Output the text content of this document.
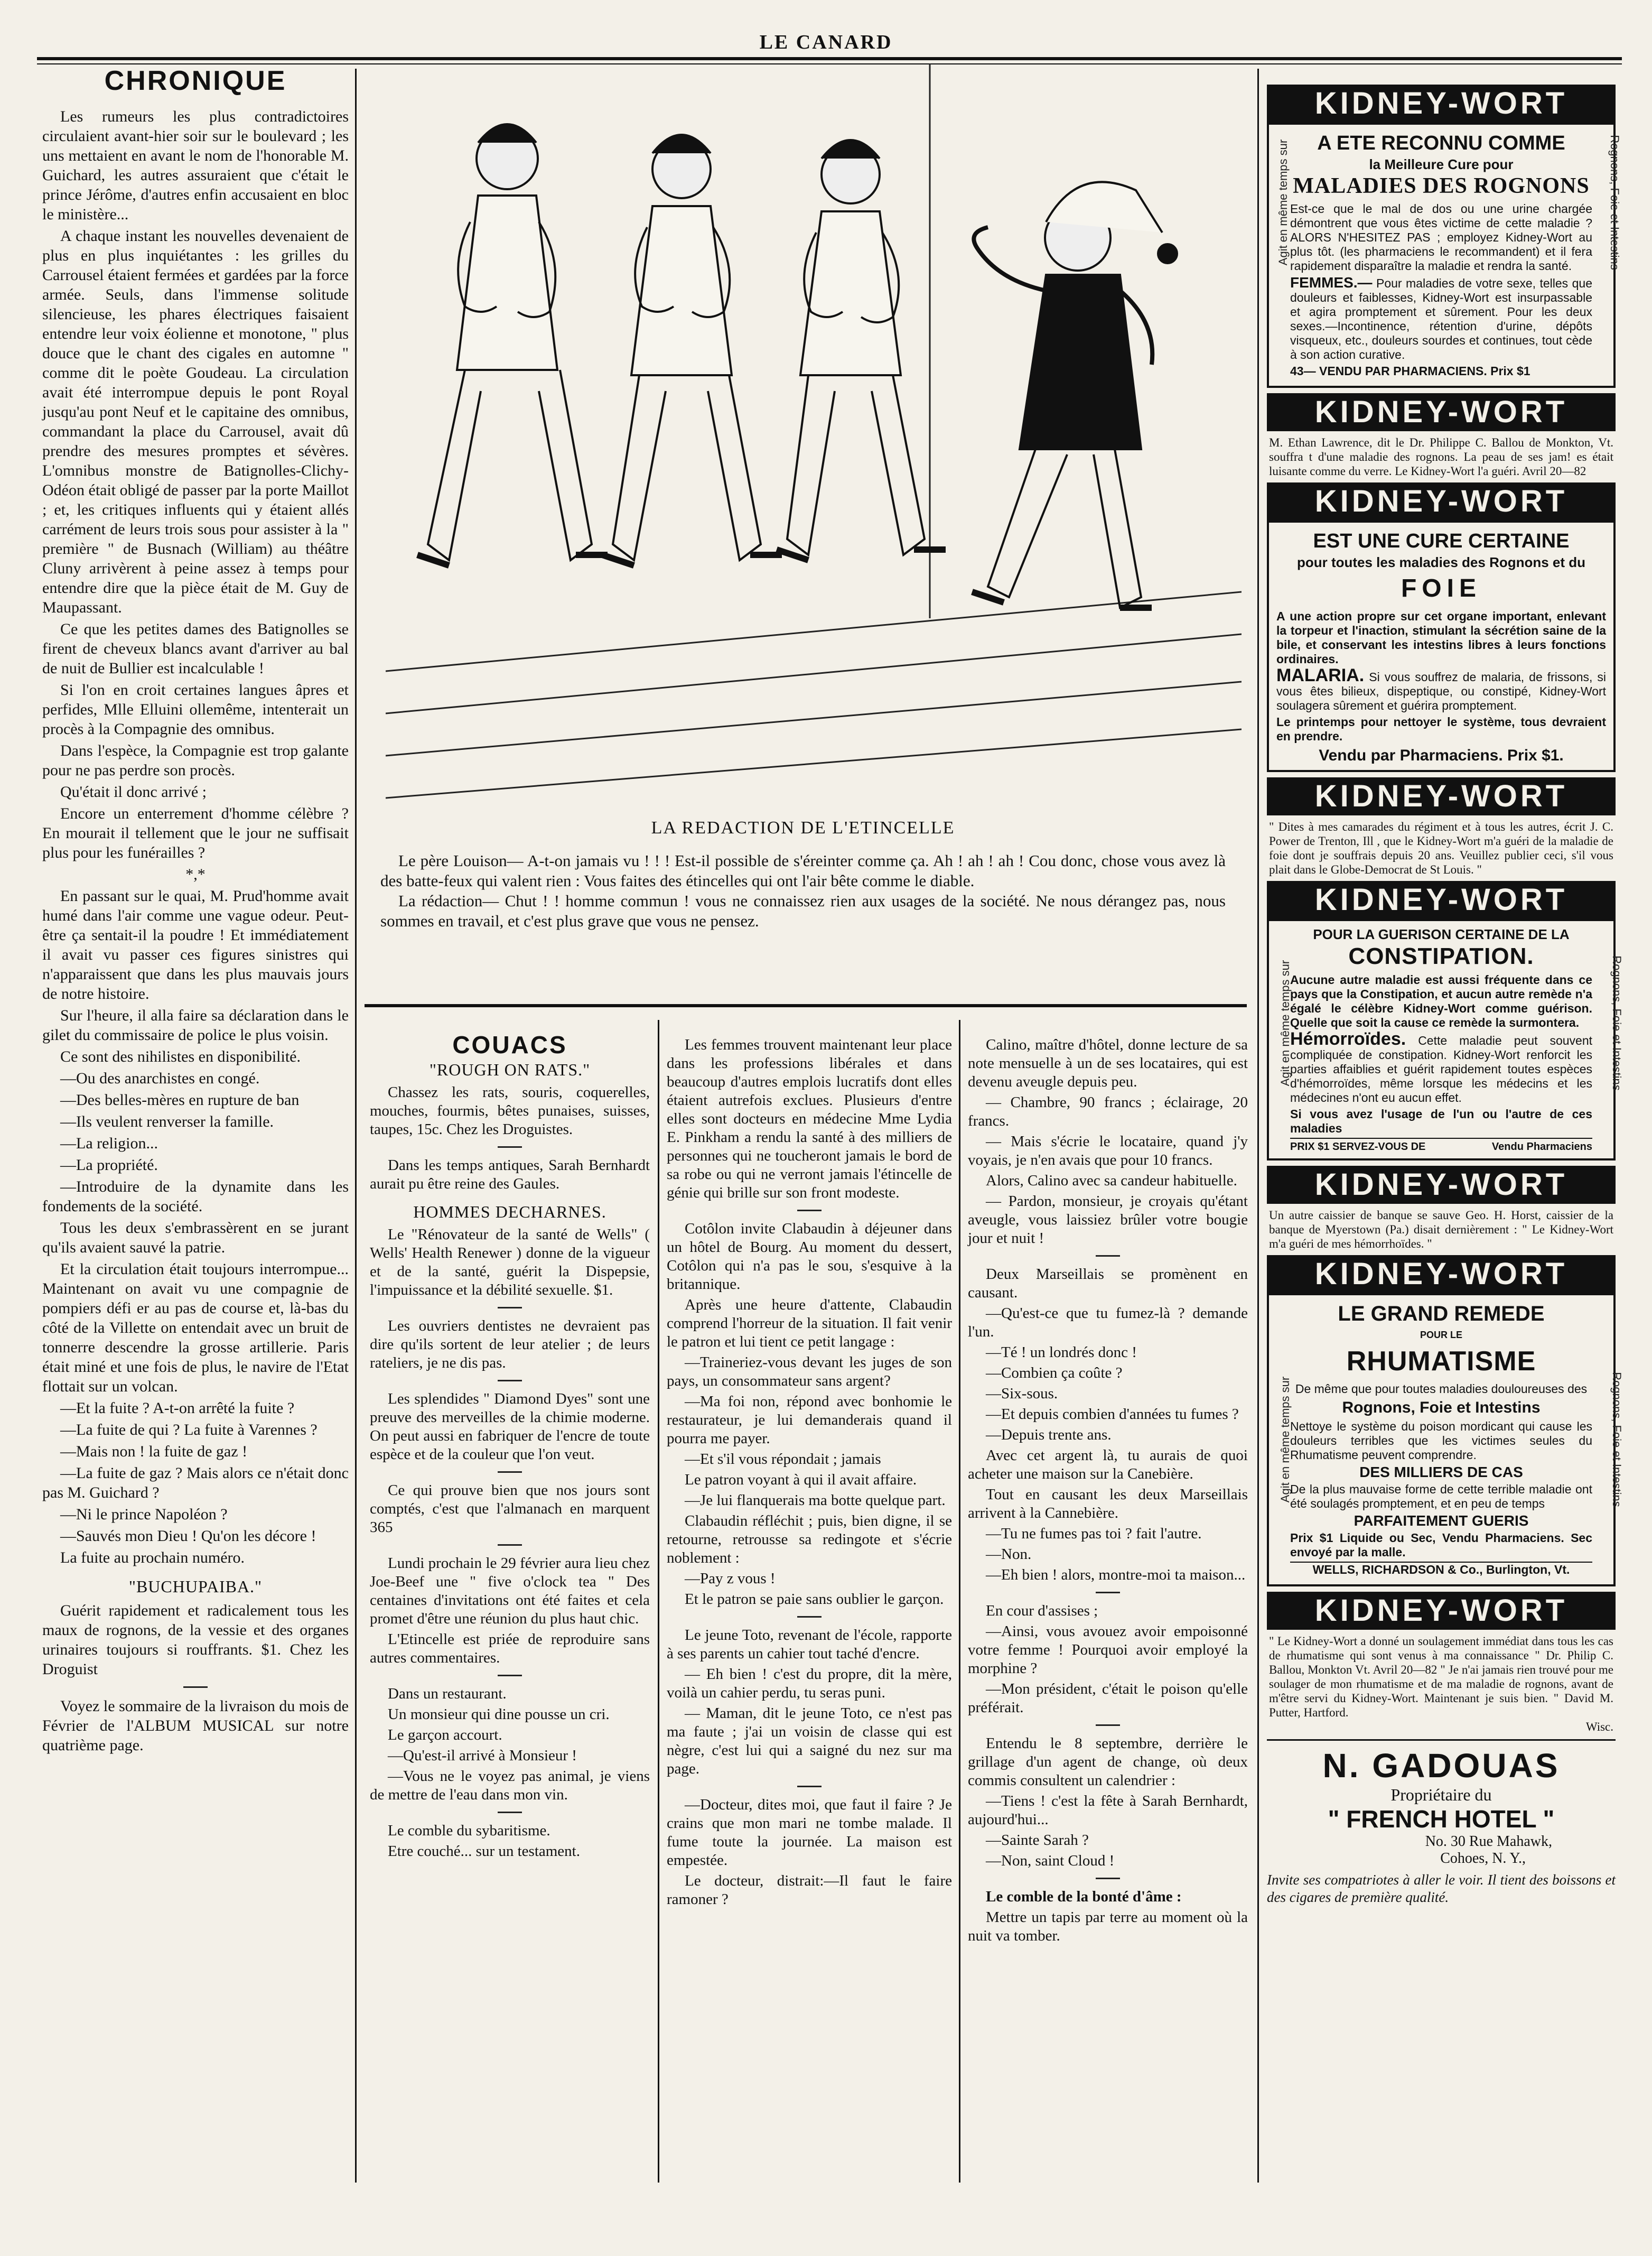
LE CANARD
CHRONIQUE

Les rumeurs les plus contradictoires circulaient avant-hier soir sur le boulevard ; les uns mettaient en avant le nom de l'honorable M. Guichard, les autres assuraient que c'était le prince Jérôme, d'autres enfin accusaient en bloc le ministère...

A chaque instant les nouvelles devenaient de plus en plus inquiétantes : les grilles du Carrousel étaient fermées et gardées par la force armée. Seuls, dans l'immense solitude silencieuse, les phares électriques faisaient entendre leur voix éolienne et monotone, " plus douce que le chant des cigales en automne " comme dit le poète Goudeau. La circulation avait été interrompue depuis le pont Royal jusqu'au pont Neuf et le capitaine des omnibus, commandant la place du Carrousel, avait dû prendre des mesures promptes et sévères. L'omnibus monstre de Batignolles-Clichy-Odéon était obligé de passer par la porte Maillot ; et, les critiques influents qui y étaient allés carrément de leurs trois sous pour assister à la " première " de Busnach (William) au théâtre Cluny arrivèrent à peine assez à temps pour entendre dire que la pièce était de M. Guy de Maupassant.

Ce que les petites dames des Batignolles se firent de cheveux blancs avant d'arriver au bal de nuit de Bullier est incalculable !

Si l'on en croit certaines langues âpres et perfides, Mlle Elluini ollemême, intenterait un procès à la Compagnie des omnibus.

Dans l'espèce, la Compagnie est trop galante pour ne pas perdre son procès.

Qu'était il donc arrivé ;

Encore un enterrement d'homme célèbre ? En mourait il tellement que le jour ne suffisait plus pour les funérailles ?

*,*

En passant sur le quai, M. Prud'homme avait humé dans l'air comme une vague odeur. Peut-être ça sentait-il la poudre ! Et immédiatement il avait vu passer ces figures sinistres qui n'apparaissent que dans les plus mauvais jours de notre histoire.

Sur l'heure, il alla faire sa déclaration dans le gilet du commissaire de police le plus voisin.

Ce sont des nihilistes en disponibilité.

—Ou des anarchistes en congé.

—Des belles-mères en rupture de ban

—Ils veulent renverser la famille.

—La religion...

—La propriété.

—Introduire de la dynamite dans les fondements de la société.

Tous les deux s'embrassèrent en se jurant qu'ils avaient sauvé la patrie.

Et la circulation était toujours interrompue... Maintenant on avait vu une compagnie de pompiers défi er au pas de course et, là-bas du côté de la Villette on entendait avec un bruit de tonnerre descendre la grosse artillerie. Paris était miné et une fois de plus, le navire de l'Etat flottait sur un volcan.

—Et la fuite ? A-t-on arrêté la fuite ?

—La fuite de qui ? La fuite à Varennes ?

—Mais non ! la fuite de gaz !

—La fuite de gaz ? Mais alors ce n'était donc pas M. Guichard ?

—Ni le prince Napoléon ?

—Sauvés mon Dieu ! Qu'on les décore !

La fuite au prochain numéro.

"BUCHUPAIBA."

Guérit rapidement et radicalement tous les maux de rognons, de la vessie et des organes urinaires toujours si rouffrants. $1. Chez les Droguist

Voyez le sommaire de la livraison du mois de Février de l'ALBUM MUSICAL sur notre quatrième page.

LA REDACTION DE L'ETINCELLE

Le père Louison— A-t-on jamais vu ! ! ! Est-il possible de s'éreinter comme ça. Ah ! ah ! ah ! Cou donc, chose vous avez là des batte-feux qui valent rien : Vous faites des étincelles qui ont l'air bête comme le diable.

La rédaction— Chut ! ! homme commun ! vous ne connaissez rien aux usages de la société. Ne nous dérangez pas, nous sommes en travail, et c'est plus grave que vous ne pensez.

COUACS
"ROUGH ON RATS."

Chassez les rats, souris, coquerelles, mouches, fourmis, bêtes punaises, suisses, taupes, 15c. Chez les Droguistes.

Dans les temps antiques, Sarah Bernhardt aurait pu être reine des Gaules.

HOMMES DECHARNES.

Le "Rénovateur de la santé de Wells" ( Wells' Health Renewer ) donne de la vigueur et de la santé, guérit la Dispepsie, l'impuissance et la débilité sexuelle. $1.

Les ouvriers dentistes ne devraient pas dire qu'ils sortent de leur atelier ; de leurs rateliers, je ne dis pas.

Les splendides " Diamond Dyes" sont une preuve des merveilles de la chimie moderne. On peut aussi en fabriquer de l'encre de toute espèce et de la couleur que l'on veut.

Ce qui prouve bien que nos jours sont comptés, c'est que l'almanach en marquent 365

Lundi prochain le 29 février aura lieu chez Joe-Beef une " five o'clock tea " Des centaines d'invitations ont été faites et cela promet d'être une réunion du plus haut chic.

L'Etincelle est priée de reproduire sans autres commentaires.

Dans un restaurant.

Un monsieur qui dine pousse un cri.

Le garçon accourt.

—Qu'est-il arrivé à Monsieur !

—Vous ne le voyez pas animal, je viens de mettre de l'eau dans mon vin.

Le comble du sybaritisme.

Etre couché... sur un testament.

Les femmes trouvent maintenant leur place dans les professions libérales et dans beaucoup d'autres emplois lucratifs dont elles étaient autrefois exclues. Plusieurs d'entre elles sont docteurs en médecine Mme Lydia E. Pinkham a rendu la santé à des milliers de personnes qui ne toucheront jamais le bord de sa robe ou qui ne verront jamais l'étincelle de génie qui brille sur son front modeste.

Cotôlon invite Clabaudin à déjeuner dans un hôtel de Bourg. Au moment du dessert, Cotôlon qui n'a pas le sou, s'esquive à la britannique.

Après une heure d'attente, Clabaudin comprend l'horreur de la situation. Il fait venir le patron et lui tient ce petit langage :

—Traineriez-vous devant les juges de son pays, un consommateur sans argent?

—Ma foi non, répond avec bonhomie le restaurateur, je lui demanderais quand il pourra me payer.

—Et s'il vous répondait ; jamais

Le patron voyant à qui il avait affaire.

—Je lui flanquerais ma botte quelque part.

Clabaudin réfléchit ; puis, bien digne, il se retourne, retrousse sa redingote et s'écrie noblement :

—Pay z vous !

Et le patron se paie sans oublier le garçon.

Le jeune Toto, revenant de l'école, rapporte à ses parents un cahier tout taché d'encre.

— Eh bien ! c'est du propre, dit la mère, voilà un cahier perdu, tu seras puni.

— Maman, dit le jeune Toto, ce n'est pas ma faute ; j'ai un voisin de classe qui est nègre, c'est lui qui a saigné du nez sur ma page.

—Docteur, dites moi, que faut il faire ? Je crains que mon mari ne tombe malade. Il fume toute la journée. La maison est empestée.

Le docteur, distrait:—Il faut le faire ramoner ?

Calino, maître d'hôtel, donne lecture de sa note mensuelle à un de ses locataires, qui est devenu aveugle depuis peu.

— Chambre, 90 francs ; éclairage, 20 francs.

— Mais s'écrie le locataire, quand j'y voyais, je n'en avais que pour 10 francs.

Alors, Calino avec sa candeur habituelle.

— Pardon, monsieur, je croyais qu'étant aveugle, vous laissiez brûler votre bougie jour et nuit !

Deux Marseillais se promènent en causant.

—Qu'est-ce que tu fumez-là ? demande l'un.

—Té ! un londrés donc !

—Combien ça coûte ?

—Six-sous.

—Et depuis combien d'années tu fumes ?

—Depuis trente ans.

Avec cet argent là, tu aurais de quoi acheter une maison sur la Canebière.

Tout en causant les deux Marseillais arrivent à la Cannebière.

—Tu ne fumes pas toi ? fait l'autre.

—Non.

—Eh bien ! alors, montre-moi ta maison...

En cour d'assises ;

—Ainsi, vous avouez avoir empoisonné votre femme ! Pourquoi avoir employé la morphine ?

—Mon président, c'était le poison qu'elle préférait.

Entendu le 8 septembre, derrière le grillage d'un agent de change, où deux commis consultent un calendrier :

—Tiens ! c'est la fête à Sarah Bernhardt, aujourd'hui...

—Sainte Sarah ?

—Non, saint Cloud !

Le comble de la bonté d'âme :

Mettre un tapis par terre au moment où la nuit va tomber.

KIDNEY-WORT
A ETE RECONNU COMME
la Meilleure Cure pour
MALADIES DES ROGNONS
Est-ce que le mal de dos ou une urine chargée démontrent que vous êtes victime de cette maladie ? ALORS N'HESITEZ PAS ; employez Kidney-Wort au plus tôt. (les pharmaciens le recommandent) et il fera rapidement disparaître la maladie et rendra la santé.
FEMMES.— Pour maladies de votre sexe, telles que douleurs et faiblesses, Kidney-Wort est insurpassable et agira promptement et sûrement. Pour les deux sexes.—Incontinence, rétention d'urine, dépôts visqueux, etc., douleurs sourdes et continues, tout cède à son action curative.
43— VENDU PAR PHARMACIENS. Prix $1
Agit en même temps sur	Rognons, Foie et Intestins
KIDNEY-WORT
M. Ethan Lawrence, dit le Dr. Philippe C. Ballou de Monkton, Vt. souffra t d'une maladie des rognons. La peau de ses jam! es était luisante comme du verre. Le Kidney-Wort l'a guéri. Avril 20—82
KIDNEY-WORT
EST UNE CURE CERTAINE
pour toutes les maladies des Rognons et du
FOIE
A une action propre sur cet organe important, enlevant la torpeur et l'inaction, stimulant la sécrétion saine de la bile, et conservant les intestins libres à leurs fonctions ordinaires.
MALARIA. Si vous souffrez de malaria, de frissons, si vous êtes bilieux, dispeptique, ou constipé, Kidney-Wort soulagera sûrement et guérira promptement.
Le printemps pour nettoyer le système, tous devraient en prendre.
Vendu par Pharmaciens. Prix $1.
KIDNEY-WORT
" Dites à mes camarades du régiment et à tous les autres, écrit J. C. Power de Trenton, Ill , que le Kidney-Wort m'a guéri de la maladie de foie dont je souffrais depuis 20 ans. Veuillez publier ceci, s'il vous plait dans le Globe-Democrat de St Louis. "
KIDNEY-WORT
POUR LA GUERISON CERTAINE DE LA
CONSTIPATION.
Aucune autre maladie est aussi fréquente dans ce pays que la Constipation, et aucun autre remède n'a égalé le célèbre Kidney-Wort comme guérison. Quelle que soit la cause ce remède la surmontera.
Hémorroïdes. Cette maladie peut souvent compliquée de constipation. Kidney-Wort renforcit les parties affaiblies et guérit rapidement toutes espèces d'hémorroïdes, même lorsque les médecins et les médecines n'ont eu aucun effet.
Si vous avez l'usage de l'un ou l'autre de ces maladies
PRIX $1 SERVEZ-VOUS DE	Vendu Pharmaciens
Agit en même temps sur	Rognons, Foie et Intestins
KIDNEY-WORT
Un autre caissier de banque se sauve Geo. H. Horst, caissier de la banque de Myerstown (Pa.) disait dernièrement : " Le Kidney-Wort m'a guéri de mes hémorrhoïdes. "
KIDNEY-WORT
LE GRAND REMEDE
POUR LE
RHUMATISME
De même que pour toutes maladies douloureuses des
Rognons, Foie et Intestins
Nettoye le système du poison mordicant qui cause les douleurs terribles que les victimes seules du Rhumatisme peuvent comprendre.
DES MILLIERS DE CAS
De la plus mauvaise forme de cette terrible maladie ont été soulagés promptement, et en peu de temps
PARFAITEMENT GUERIS
Prix $1 Liquide ou Sec, Vendu Pharmaciens. Sec envoyé par la malle.
WELLS, RICHARDSON & Co., Burlington, Vt.
Agit en même temps sur	Rognons, Foie et Intestins
KIDNEY-WORT
" Le Kidney-Wort a donné un soulagement immédiat dans tous les cas de rhumatisme qui sont venus à ma connaissance " Dr. Philip C. Ballou, Monkton Vt. Avril 20—82 " Je n'ai jamais rien trouvé pour me soulager de mon rhumatisme et de ma maladie de rognons, avant de m'être servi du Kidney-Wort. Maintenant je suis bien. " David M. Putter, Hartford.
Wisc.
N. GADOUAS
Propriétaire du
" FRENCH HOTEL "
No. 30 Rue Mahawk,
Cohoes, N. Y.,
Invite ses compatriotes à aller le voir. Il tient des boissons et des cigares de première qualité.
